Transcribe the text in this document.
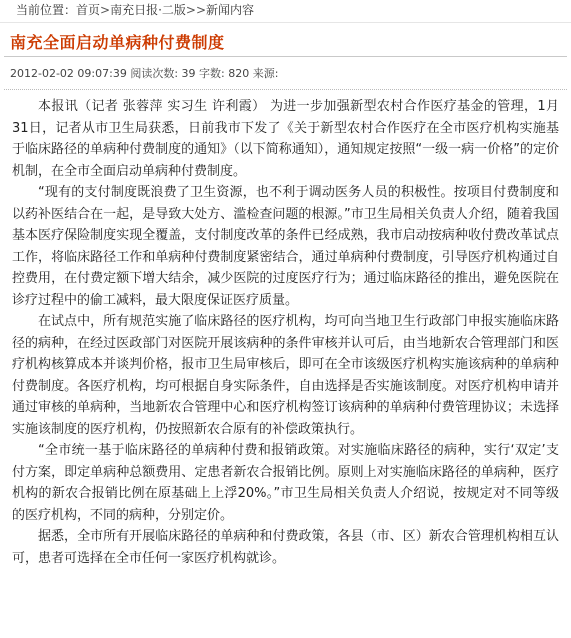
当前位置：首页>南充日报·二版>>新闻内容
南充全面启动单病种付费制度
2012-02-02 09:07:39 阅读次数: 39 字数: 820 来源:

本报讯（记者 张蓉萍 实习生 许利霞） 为进一步加强新型农村合作医疗基金的管理，1月31日，记者从市卫生局获悉，日前我市下发了《关于新型农村合作医疗在全市医疗机构实施基于临床路径的单病种付费制度的通知》（以下简称通知），通知规定按照“一级一病一价格”的定价机制，在全市全面启动单病种付费制度。

“现有的支付制度既浪费了卫生资源，也不利于调动医务人员的积极性。按项目付费制度和以药补医结合在一起，是导致大处方、滥检查问题的根源。”市卫生局相关负责人介绍，随着我国基本医疗保险制度实现全覆盖，支付制度改革的条件已经成熟，我市启动按病种收付费改革试点工作，将临床路径工作和单病种付费制度紧密结合，通过单病种付费制度，引导医疗机构通过自控费用，在付费定额下增大结余，减少医院的过度医疗行为；通过临床路径的推出，避免医院在诊疗过程中的偷工减料，最大限度保证医疗质量。

在试点中，所有规范实施了临床路径的医疗机构，均可向当地卫生行政部门申报实施临床路径的病种，在经过医政部门对医院开展该病种的条件审核并认可后，由当地新农合管理部门和医疗机构核算成本并谈判价格，报市卫生局审核后，即可在全市该级医疗机构实施该病种的单病种付费制度。各医疗机构，均可根据自身实际条件，自由选择是否实施该制度。对医疗机构申请并通过审核的单病种，当地新农合管理中心和医疗机构签订该病种的单病种付费管理协议；未选择实施该制度的医疗机构，仍按照新农合原有的补偿政策执行。

“全市统一基于临床路径的单病种付费和报销政策。对实施临床路径的病种，实行‘双定’支付方案，即定单病种总额费用、定患者新农合报销比例。原则上对实施临床路径的单病种，医疗机构的新农合报销比例在原基础上上浮20%。”市卫生局相关负责人介绍说，按规定对不同等级的医疗机构，不同的病种，分别定价。

据悉，全市所有开展临床路径的单病种和付费政策，各县（市、区）新农合管理机构相互认可，患者可选择在全市任何一家医疗机构就诊。
